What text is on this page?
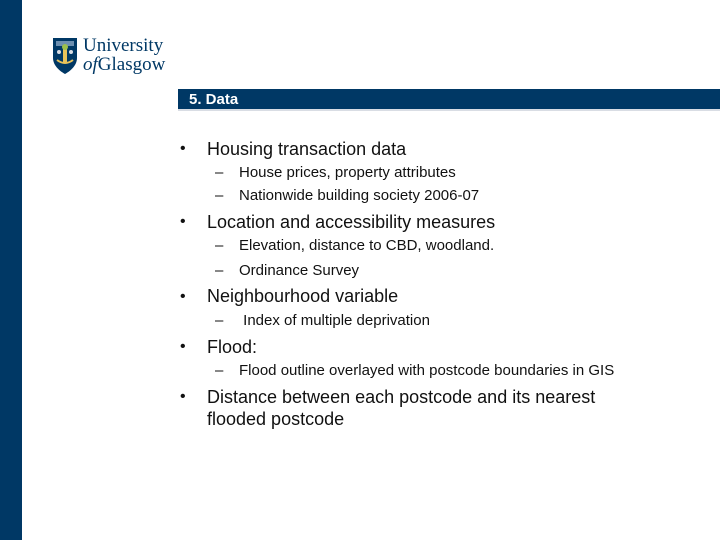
University
ofGlasgow
5. Data
• Housing transaction data
– House prices, property attributes
– Nationwide building society 2006-07
• Location and accessibility measures
– Elevation, distance to CBD, woodland.
– Ordinance Survey
• Neighbourhood variable
– Index of multiple deprivation
• Flood:
– Flood outline overlayed with postcode boundaries in GIS
• Distance between each postcode and its nearest
flooded postcode
